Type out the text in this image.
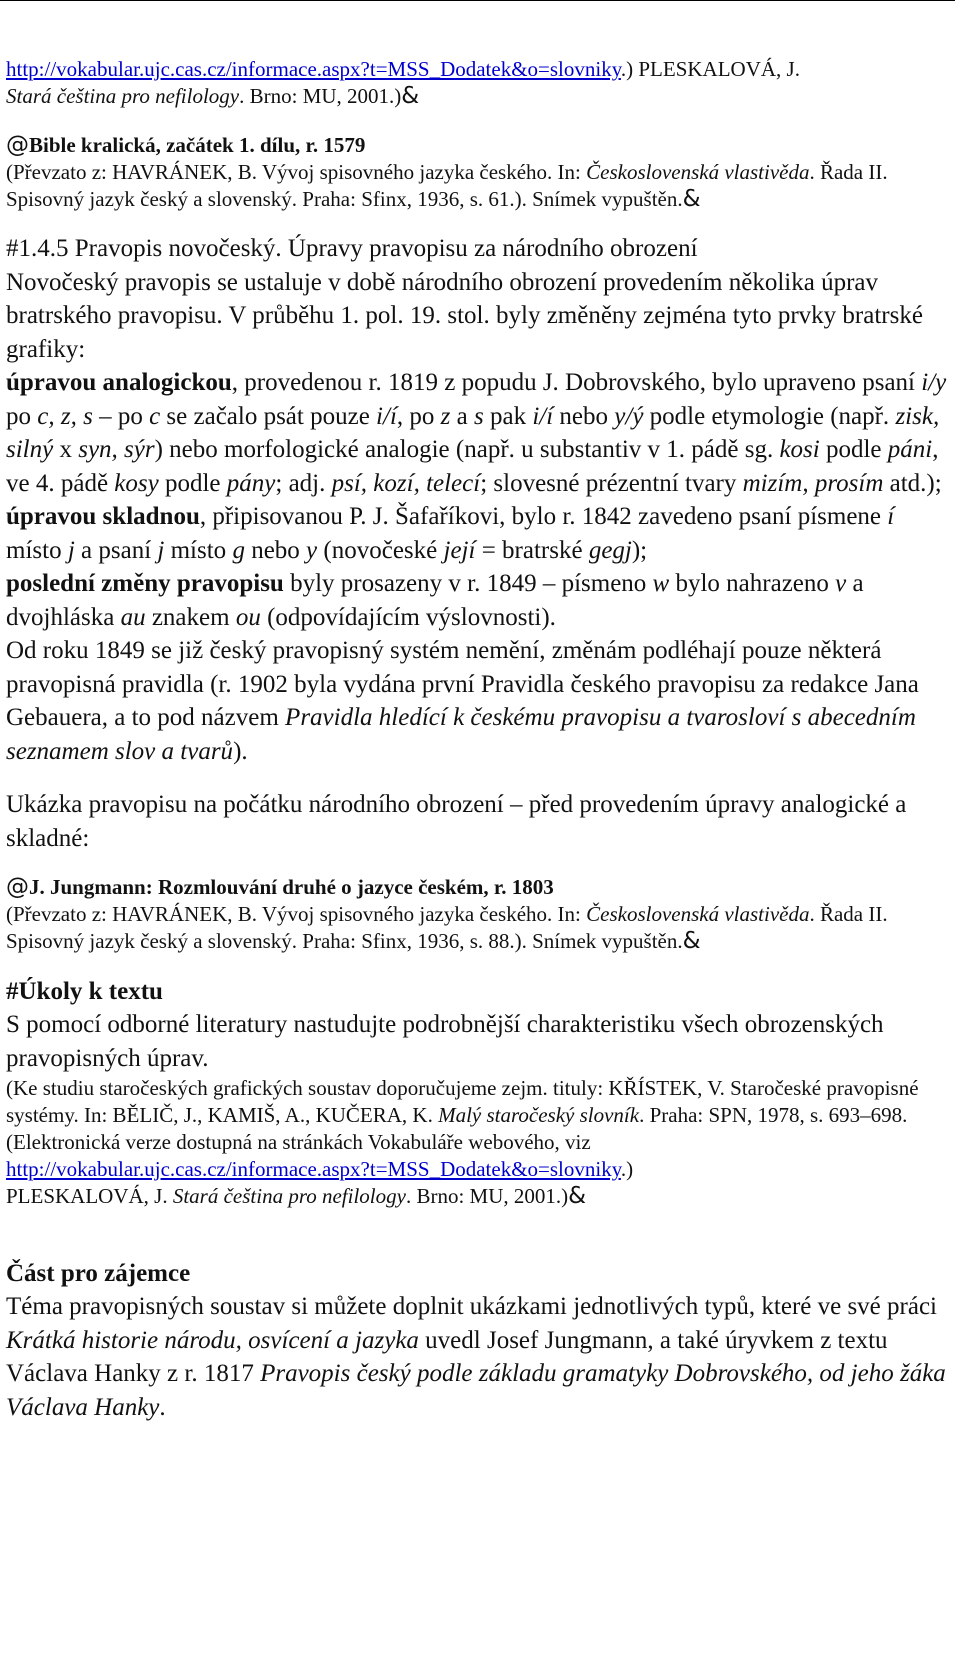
http://vokabular.ujc.cas.cz/informace.aspx?t=MSS_Dodatek&o=slovniky.) PLESKALOVÁ, J.
Stará čeština pro nefilology. Brno: MU, 2001.)&

@Bible kralická, začátek 1. dílu, r. 1579
(Převzato z: HAVRÁNEK, B. Vývoj spisovného jazyka českého. In: Československá vlastivěda. Řada II. Spisovný jazyk český a slovenský. Praha: Sfinx, 1936, s. 61.). Snímek vypuštěn.&

#1.4.5 Pravopis novočeský. Úpravy pravopisu za národního obrození

Novočeský pravopis se ustaluje v době národního obrození provedením několika úprav bratrského pravopisu. V průběhu 1. pol. 19. stol. byly změněny zejména tyto prvky bratrské grafiky:

úpravou analogickou, provedenou r. 1819 z popudu J. Dobrovského, bylo upraveno psaní i/y po c, z, s – po c se začalo psát pouze i/í, po z a s pak i/í nebo y/ý podle etymologie (např. zisk, silný x syn, sýr) nebo morfologické analogie (např. u substantiv v 1. pádě sg. kosi podle páni, ve 4. pádě kosy podle pány; adj. psí, kozí, telecí; slovesné prézentní tvary mizím, prosím atd.);

úpravou skladnou, připisovanou P. J. Šafaříkovi, bylo r. 1842 zavedeno psaní písmene í místo j a psaní j místo g nebo y (novočeské její = bratrské gegj);

poslední změny pravopisu byly prosazeny v r. 1849 – písmeno w bylo nahrazeno v a dvojhláska au znakem ou (odpovídajícím výslovnosti).

Od roku 1849 se již český pravopisný systém nemění, změnám podléhají pouze některá pravopisná pravidla (r. 1902 byla vydána první Pravidla českého pravopisu za redakce Jana Gebauera, a to pod názvem Pravidla hledící k českému pravopisu a tvarosloví s abecedním seznamem slov a tvarů).

Ukázka pravopisu na počátku národního obrození – před provedením úpravy analogické a skladné:

@J. Jungmann: Rozmlouvání druhé o jazyce českém, r. 1803
(Převzato z: HAVRÁNEK, B. Vývoj spisovného jazyka českého. In: Československá vlastivěda. Řada II. Spisovný jazyk český a slovenský. Praha: Sfinx, 1936, s. 88.). Snímek vypuštěn.&

#Úkoly k textu

S pomocí odborné literatury nastudujte podrobnější charakteristiku všech obrozenských pravopisných úprav.

(Ke studiu staročeských grafických soustav doporučujeme zejm. tituly: KŘÍSTEK, V. Staročeské pravopisné systémy. In: BĚLIČ, J., KAMIŠ, A., KUČERA, K. Malý staročeský slovník. Praha: SPN, 1978, s. 693–698. (Elektronická verze dostupná na stránkách Vokabuláře webového, viz
http://vokabular.ujc.cas.cz/informace.aspx?t=MSS_Dodatek&o=slovniky.)
PLESKALOVÁ, J. Stará čeština pro nefilology. Brno: MU, 2001.)&

Část pro zájemce

Téma pravopisných soustav si můžete doplnit ukázkami jednotlivých typů, které ve své práci Krátká historie národu, osvícení a jazyka uvedl Josef Jungmann, a také úryvkem z textu Václava Hanky z r. 1817 Pravopis český podle základu gramatyky Dobrovského, od jeho žáka Václava Hanky.
